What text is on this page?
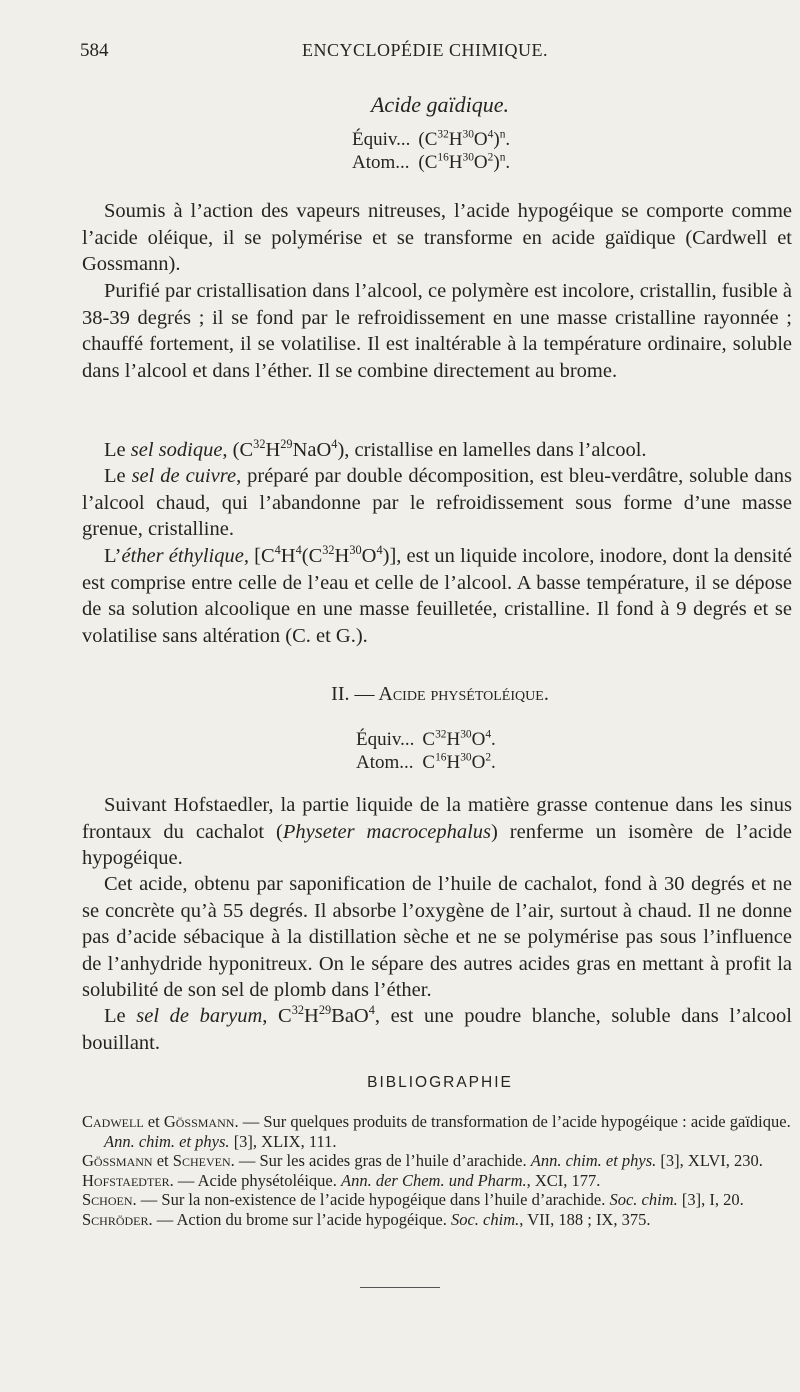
584	ENCYCLOPÉDIE CHIMIQUE.
Acide gaïdique.
Équiv...	$(C^{32}H^{30}O^4)^n$.
Atom...	$(C^{16}H^{30}O^2)^n$.

Soumis à l’action des vapeurs nitreuses, l’acide hypogéique se comporte comme l’acide oléique, il se polymérise et se transforme en acide gaïdique (Cardwell et Gossmann).

Purifié par cristallisation dans l’alcool, ce polymère est incolore, cristallin, fusible à 38-39 degrés ; il se fond par le refroidissement en une masse cristalline rayonnée ; chauffé fortement, il se volatilise. Il est inaltérable à la température ordinaire, soluble dans l’alcool et dans l’éther. Il se combine directement au brome.

Le sel sodique, $(C^{32}H^{29}NaO^4)$, cristallise en lamelles dans l’alcool.

Le sel de cuivre, préparé par double décomposition, est bleu-verdâtre, soluble dans l’alcool chaud, qui l’abandonne par le refroidissement sous forme d’une masse grenue, cristalline.

L’éther éthylique, $[C^4H^4(C^{32}H^{30}O^4)]$, est un liquide incolore, inodore, dont la densité est comprise entre celle de l’eau et celle de l’alcool. A basse température, il se dépose de sa solution alcoolique en une masse feuilletée, cristalline. Il fond à 9 degrés et se volatilise sans altération (C. et G.).

II. — Acide physétoléique.
Équiv...	$C^{32}H^{30}O^4$.
Atom...	$C^{16}H^{30}O^2$.

Suivant Hofstaedler, la partie liquide de la matière grasse contenue dans les sinus frontaux du cachalot (Physeter macrocephalus) renferme un isomère de l’acide hypogéique.

Cet acide, obtenu par saponification de l’huile de cachalot, fond à 30 degrés et ne se concrète qu’à 55 degrés. Il absorbe l’oxygène de l’air, surtout à chaud. Il ne donne pas d’acide sébacique à la distillation sèche et ne se polymérise pas sous l’influence de l’anhydride hyponitreux. On le sépare des autres acides gras en mettant à profit la solubilité de son sel de plomb dans l’éther.

Le sel de baryum, $C^{32}H^{29}BaO^4$, est une poudre blanche, soluble dans l’alcool bouillant.

BIBLIOGRAPHIE

Cadwell et Gössmann. — Sur quelques produits de transformation de l’acide hypogéique : acide gaïdique. Ann. chim. et phys. [3], XLIX, 111.

Gössmann et Scheven. — Sur les acides gras de l’huile d’arachide. Ann. chim. et phys. [3], XLVI, 230.

Hofstaedter. — Acide physétoléique. Ann. der Chem. und Pharm., XCI, 177.

Schoen. — Sur la non-existence de l’acide hypogéique dans l’huile d’arachide. Soc. chim. [3], I, 20.

Schröder. — Action du brome sur l’acide hypogéique. Soc. chim., VII, 188 ; IX, 375.
